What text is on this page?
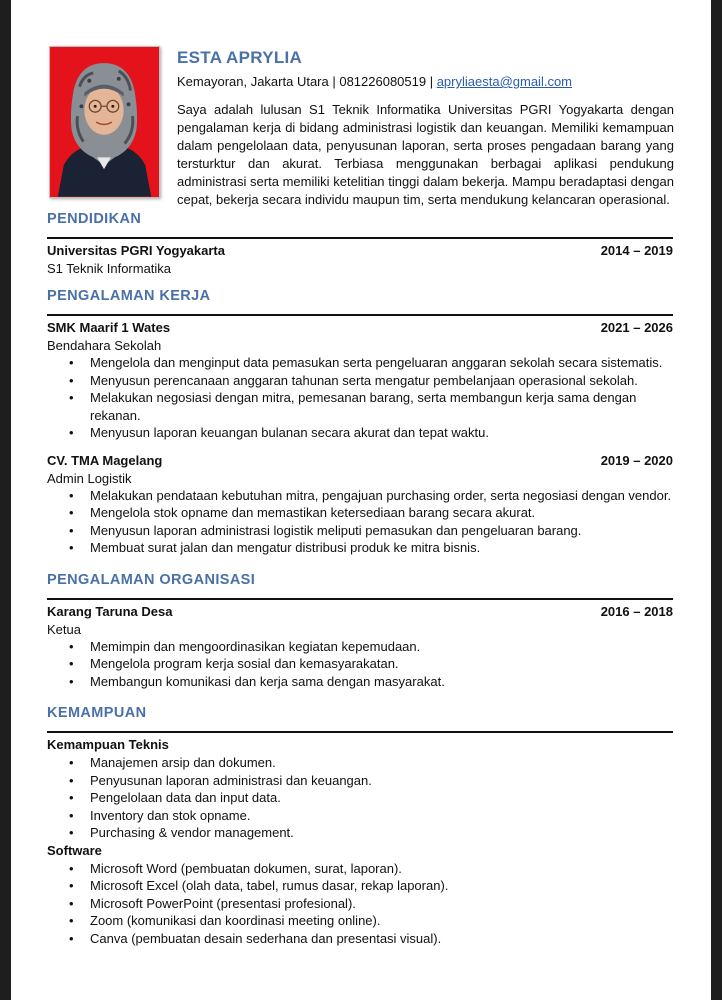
ESTA APRYLIA
Kemayoran, Jakarta Utara | 081226080519 | apryliaesta@gmail.com
Saya adalah lulusan S1 Teknik Informatika Universitas PGRI Yogyakarta dengan pengalaman kerja di bidang administrasi logistik dan keuangan. Memiliki kemampuan dalam pengelolaan data, penyusunan laporan, serta proses pengadaan barang yang tersturktur dan akurat. Terbiasa menggunakan berbagai aplikasi pendukung administrasi serta memiliki ketelitian tinggi dalam bekerja. Mampu beradaptasi dengan cepat, bekerja secara individu maupun tim, serta mendukung kelancaran operasional.
PENDIDIKAN
Universitas PGRI Yogyakarta	2014 – 2019
S1 Teknik Informatika
PENGALAMAN KERJA
SMK Maarif 1 Wates	2021 – 2026
Bendahara Sekolah
• Mengelola dan menginput data pemasukan serta pengeluaran anggaran sekolah secara sistematis.
• Menyusun perencanaan anggaran tahunan serta mengatur pembelanjaan operasional sekolah.
• Melakukan negosiasi dengan mitra, pemesanan barang, serta membangun kerja sama dengan rekanan.
• Menyusun laporan keuangan bulanan secara akurat dan tepat waktu.
CV. TMA Magelang	2019 – 2020
Admin Logistik
• Melakukan pendataan kebutuhan mitra, pengajuan purchasing order, serta negosiasi dengan vendor.
• Mengelola stok opname dan memastikan ketersediaan barang secara akurat.
• Menyusun laporan administrasi logistik meliputi pemasukan dan pengeluaran barang.
• Membuat surat jalan dan mengatur distribusi produk ke mitra bisnis.
PENGALAMAN ORGANISASI
Karang Taruna Desa	2016 – 2018
Ketua
• Memimpin dan mengoordinasikan kegiatan kepemudaan.
• Mengelola program kerja sosial dan kemasyarakatan.
• Membangun komunikasi dan kerja sama dengan masyarakat.
KEMAMPUAN
Kemampuan Teknis
• Manajemen arsip dan dokumen.
• Penyusunan laporan administrasi dan keuangan.
• Pengelolaan data dan input data.
• Inventory dan stok opname.
• Purchasing & vendor management.
Software
• Microsoft Word (pembuatan dokumen, surat, laporan).
• Microsoft Excel (olah data, tabel, rumus dasar, rekap laporan).
• Microsoft PowerPoint (presentasi profesional).
• Zoom (komunikasi dan koordinasi meeting online).
• Canva (pembuatan desain sederhana dan presentasi visual).
